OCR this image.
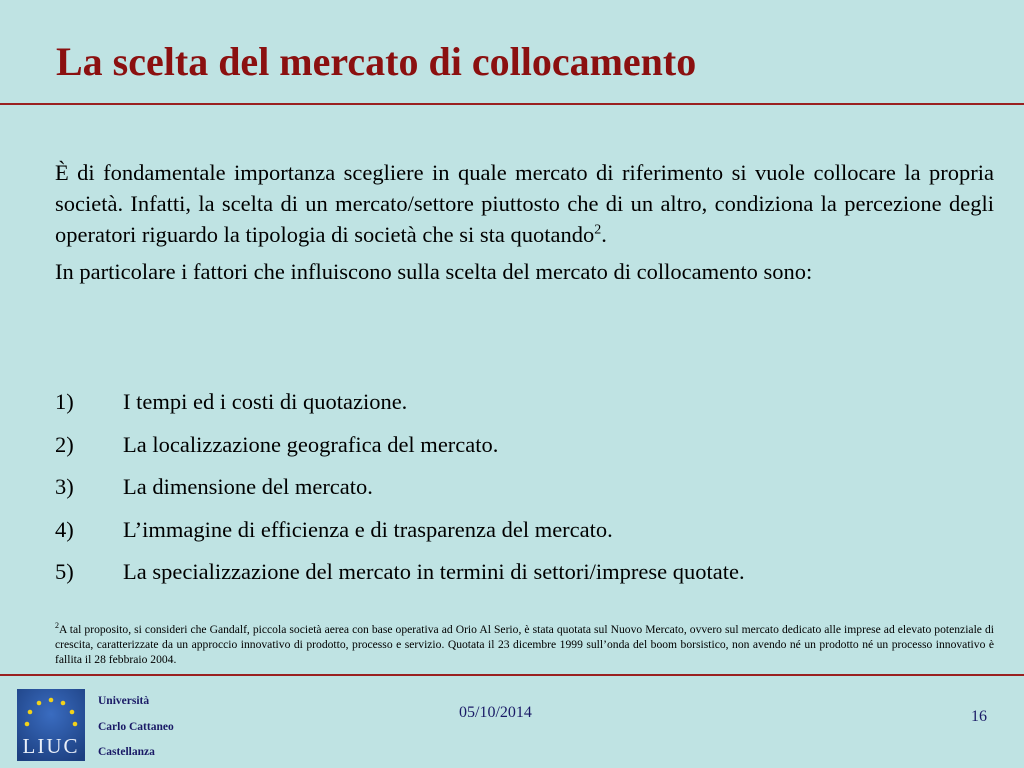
La scelta del mercato di collocamento

È di fondamentale importanza scegliere in quale mercato di riferimento si vuole collocare la propria società. Infatti, la scelta di un mercato/settore piuttosto che di un altro, condiziona la percezione degli operatori riguardo la tipologia di società che si sta quotando$^2$.

In particolare i fattori che influiscono sulla scelta del mercato di collocamento sono:

1) I tempi ed i costi di quotazione.
2) La localizzazione geografica del mercato.
3) La dimensione del mercato.
4) L’immagine di efficienza e di trasparenza del mercato.
5) La specializzazione del mercato in termini di settori/imprese quotate.
$^2$A tal proposito, si consideri che Gandalf, piccola società aerea con base operativa ad Orio Al Serio, è stata quotata sul Nuovo Mercato, ovvero sul mercato dedicato alle imprese ad elevato potenziale di crescita, caratterizzate da un approccio innovativo di prodotto, processo e servizio. Quotata il 23 dicembre 1999 sull’onda del boom borsistico, non avendo né un prodotto né un processo innovativo è fallita il 28 febbraio 2004.
LIUC
Università
Carlo Cattaneo
Castellanza
05/10/2014	16
